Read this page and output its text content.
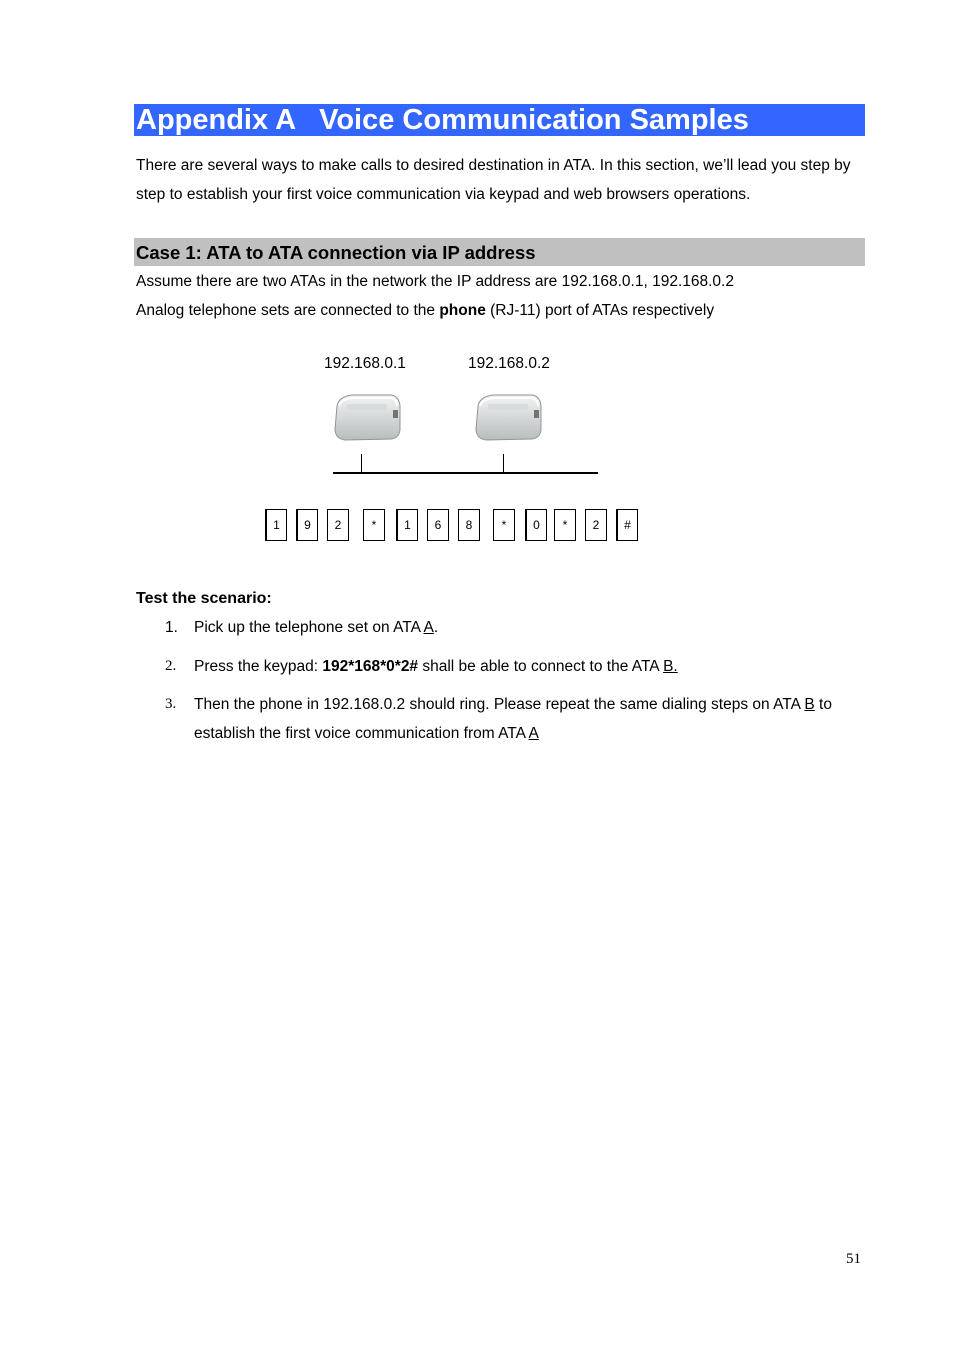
Appendix A   Voice Communication Samples
There are several ways to make calls to desired destination in ATA. In this section, we’ll lead you step by step to establish your first voice communication via keypad and web browsers operations.
Case 1: ATA to ATA connection via IP address
Assume there are two ATAs in the network the IP address are 192.168.0.1, 192.168.0.2
Analog telephone sets are connected to the phone (RJ-11) port of ATAs respectively
192.168.0.1	192.168.0.2
1	9	2	*	1	6	8	*	0	*	2	#
Test the scenario:
1. Pick up the telephone set on ATA A.
2. Press the keypad: 192*168*0*2# shall be able to connect to the ATA B.
3. Then the phone in 192.168.0.2 should ring. Please repeat the same dialing steps on ATA B to establish the first voice communication from ATA A
51
